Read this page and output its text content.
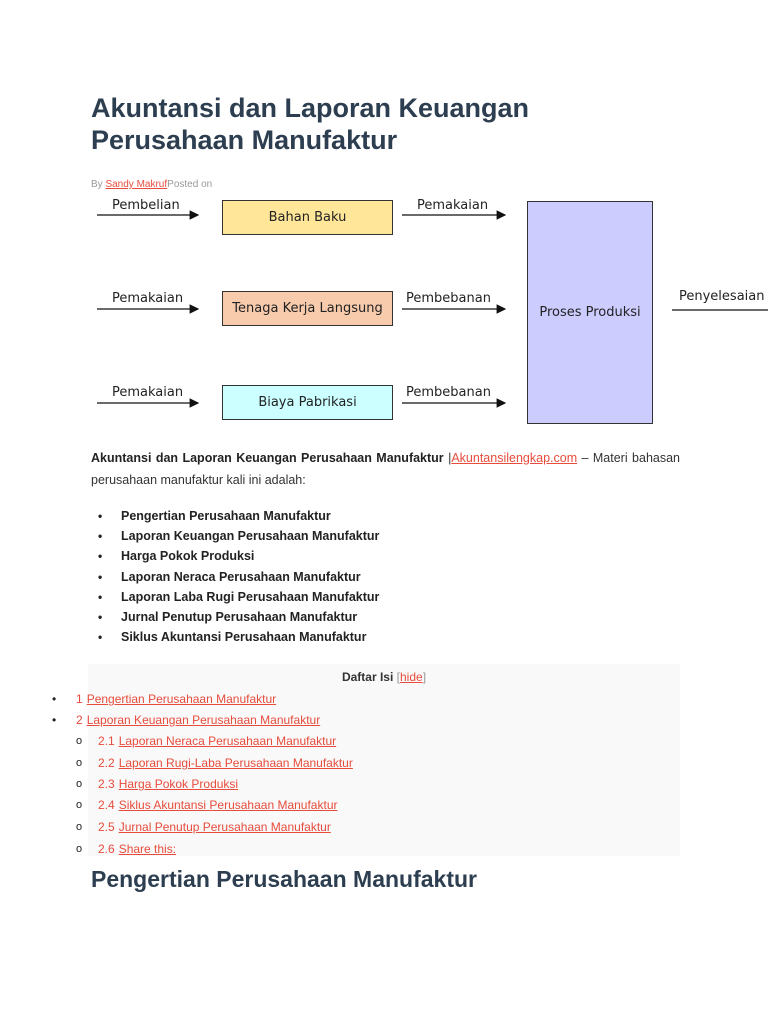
Akuntansi dan Laporan Keuangan Perusahaan Manufaktur
By Sandy MakrufPosted on
Pembelian
Bahan Baku
Pemakaian
Pemakaian
Tenaga Kerja Langsung
Pembebanan
Pemakaian
Biaya Pabrikasi
Pembebanan
Proses Produksi
Penyelesaian

Akuntansi dan Laporan Keuangan Perusahaan Manufaktur |Akuntansilengkap.com – Materi bahasan perusahaan manufaktur kali ini adalah:

• Pengertian Perusahaan Manufaktur
• Laporan Keuangan Perusahaan Manufaktur
• Harga Pokok Produksi
• Laporan Neraca Perusahaan Manufaktur
• Laporan Laba Rugi Perusahaan Manufaktur
• Jurnal Penutup Perusahaan Manufaktur
• Siklus Akuntansi Perusahaan Manufaktur
Daftar Isi [hide]
• 1 Pengertian Perusahaan Manufaktur
• 2 Laporan Keuangan Perusahaan Manufaktur
o 2.1 Laporan Neraca Perusahaan Manufaktur
o 2.2 Laporan Rugi-Laba Perusahaan Manufaktur
o 2.3 Harga Pokok Produksi
o 2.4 Siklus Akuntansi Perusahaan Manufaktur
o 2.5 Jurnal Penutup Perusahaan Manufaktur
o 2.6 Share this:
Pengertian Perusahaan Manufaktur
